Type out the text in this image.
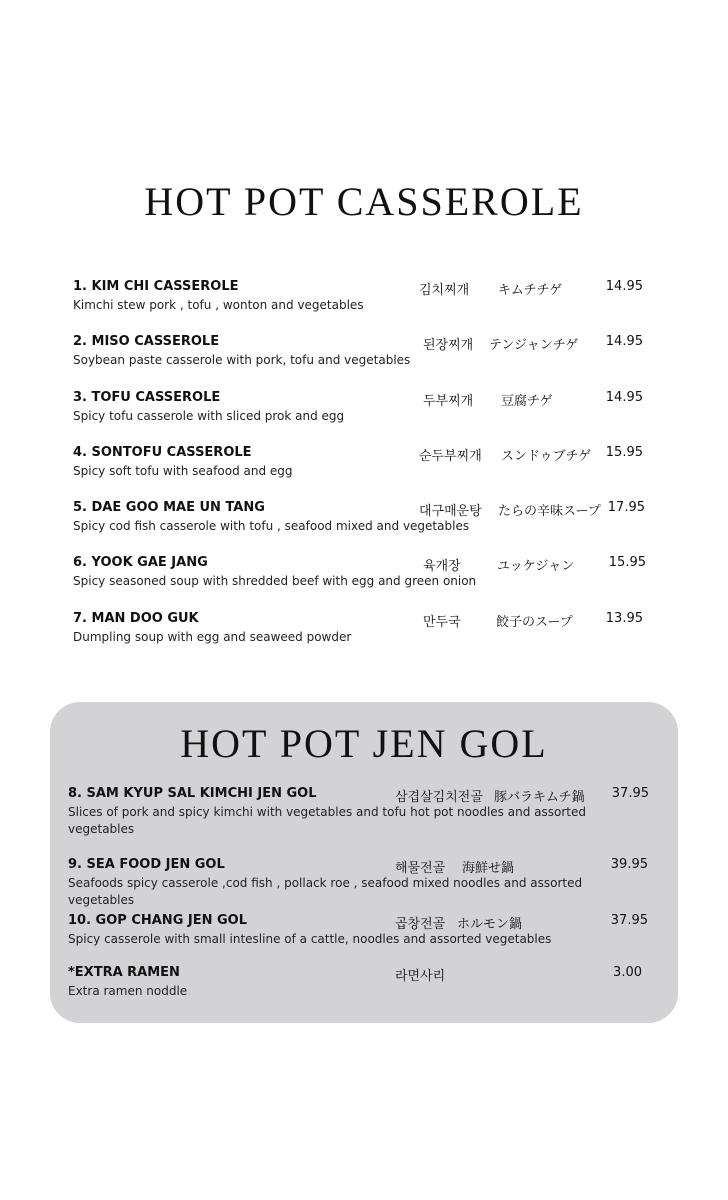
HOT POT CASSEROLE
1. KIM CHI CASSEROLE
Kimchi stew pork , tofu , wonton and vegetables
김치찌개 キムチチゲ	14.95
2. MISO CASSEROLE
Soybean paste casserole with pork, tofu and vegetables
된장찌개 テンジャンチゲ	14.95
3. TOFU CASSEROLE
Spicy tofu casserole with sliced prok and egg
두부찌개 豆腐チゲ	14.95
4. SONTOFU CASSEROLE
Spicy soft tofu with seafood and egg
순두부찌개 スンドゥブチゲ	15.95
5. DAE GOO MAE UN TANG
Spicy cod fish casserole with tofu , seafood mixed and vegetables
대구매운탕 たらの辛味スープ 17.95
6. YOOK GAE JANG
Spicy seasoned soup with shredded beef with egg and green onion
육개장	ユッケジャン	15.95
7. MAN DOO GUK
Dumpling soup with egg and seaweed powder
만두국	餃子のスープ	13.95
HOT POT JEN GOL
8. SAM KYUP SAL KIMCHI JEN GOL
Slices of pork and spicy kimchi with vegetables and tofu hot pot noodles and assorted vegetables
삼겹살김치전골 豚バラキムチ鍋	37.95
9. SEA FOOD JEN GOL
Seafoods spicy casserole ,cod fish , pollack roe , seafood mixed noodles and assorted vegetables
해물전골 海鮮せ鍋	39.95
10. GOP CHANG JEN GOL
Spicy casserole with small intesline of a cattle, noodles and assorted vegetables
곱창전골 ホルモン鍋	37.95
*EXTRA RAMEN
Extra ramen noddle
라면사리	3.00
